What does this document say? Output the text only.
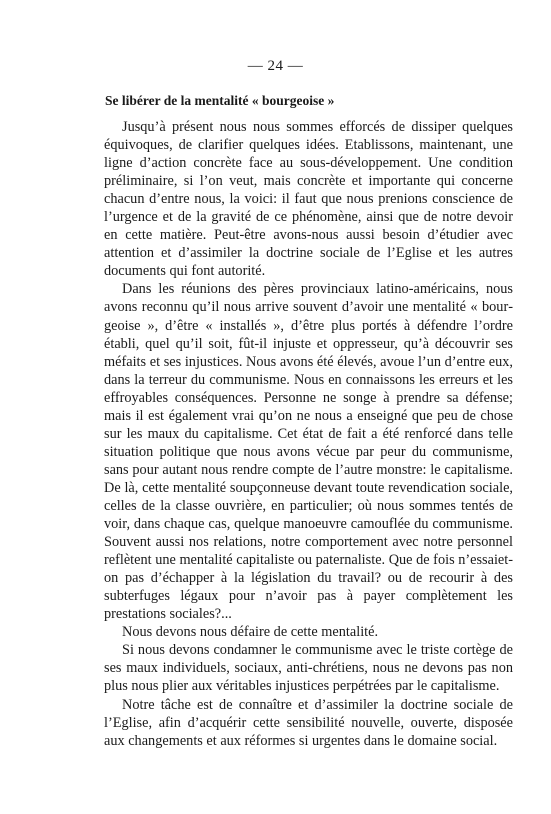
— 24 —
Se libérer de la mentalité « bourgeoise »

Jusqu’à présent nous nous sommes efforcés de dissiper quelques équivoques, de clarifier quelques idées. Etablissons, maintenant, une ligne d’action concrète face au sous-développement. Une condition préliminaire, si l’on veut, mais concrète et importante qui concerne chacun d’entre nous, la voici: il faut que nous prenions conscience de l’urgence et de la gravité de ce phénomène, ainsi que de notre devoir en cette matière. Peut-être avons-nous aussi besoin d’étudier avec attention et d’assimiler la doctrine sociale de l’Eglise et les autres documents qui font autorité.

Dans les réunions des pères provinciaux latino-américains, nous avons reconnu qu’il nous arrive souvent d’avoir une mentalité « bourgeoise », d’être « installés », d’être plus portés à défendre l’ordre établi, quel qu’il soit, fût-il injuste et oppresseur, qu’à découvrir ses méfaits et ses injustices. Nous avons été élevés, avoue l’un d’entre eux, dans la terreur du communisme. Nous en connaissons les erreurs et les effroyables conséquences. Personne ne songe à prendre sa défense; mais il est également vrai qu’on ne nous a enseigné que peu de chose sur les maux du capitalisme. Cet état de fait a été renforcé dans telle situation politique que nous avons vécue par peur du communisme, sans pour autant nous rendre compte de l’autre monstre: le capitalisme. De là, cette mentalité soupçonneuse devant toute revendication sociale, celles de la classe ouvrière, en particulier; où nous sommes tentés de voir, dans chaque cas, quelque manoeuvre camouflée du communisme. Souvent aussi nos relations, notre comportement avec notre personnel reflètent une mentalité capitaliste ou paternaliste. Que de fois n’essaiet-on pas d’échapper à la législation du travail? ou de recourir à des subterfuges légaux pour n’avoir pas à payer complètement les prestations sociales?...

Nous devons nous défaire de cette mentalité.

Si nous devons condamner le communisme avec le triste cortège de ses maux individuels, sociaux, anti-chrétiens, nous ne devons pas non plus nous plier aux véritables injustices perpétrées par le capitalisme.

Notre tâche est de connaître et d’assimiler la doctrine sociale de l’Eglise, afin d’acquérir cette sensibilité nouvelle, ouverte, disposée aux changements et aux réformes si urgentes dans le domaine social.
